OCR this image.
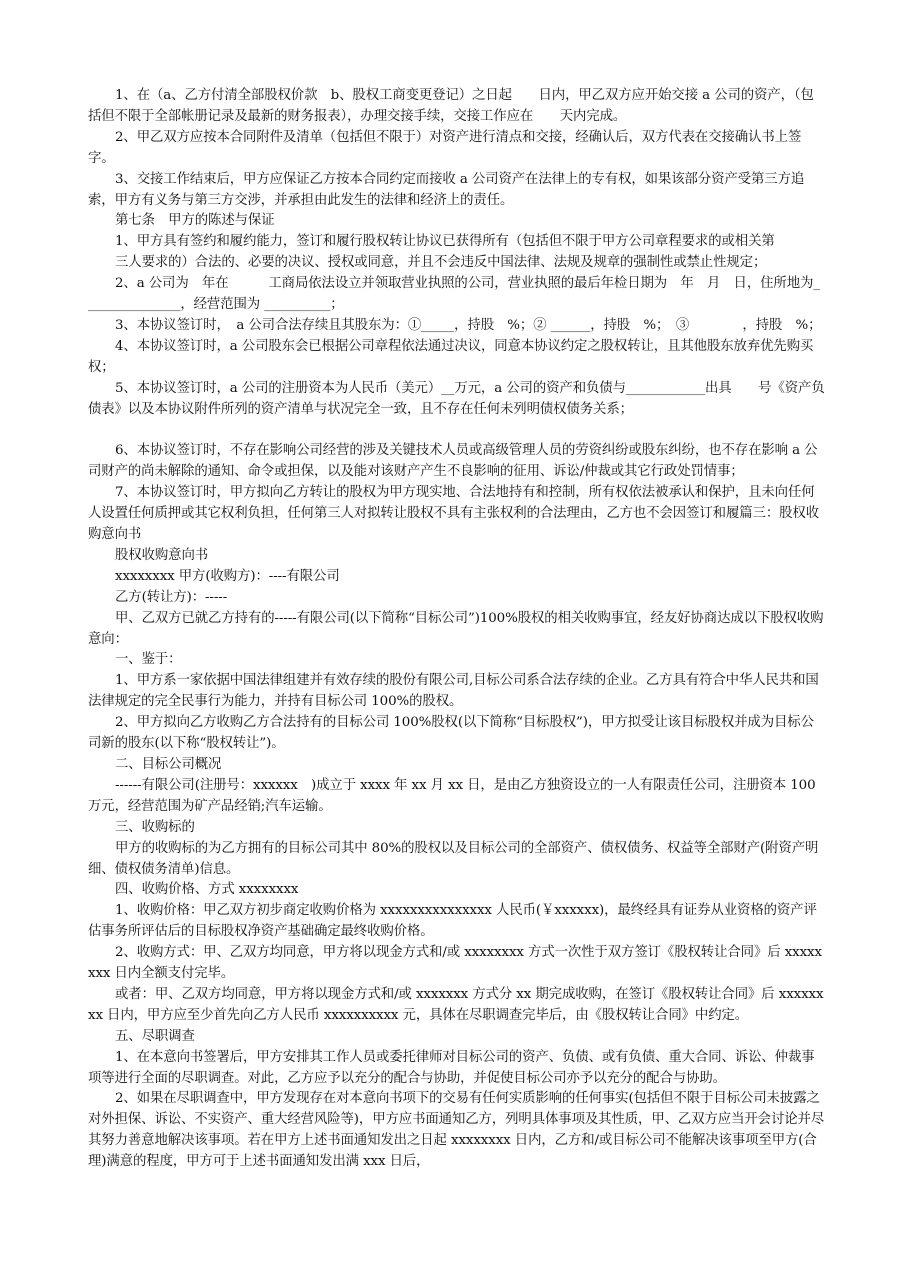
1、在（a、乙方付清全部股权价款　b、股权工商变更登记）之日起　　日内，甲乙双方应开始交接 a 公司的资产，（包括但不限于全部帐册记录及最新的财务报表），办理交接手续，交接工作应在　　天内完成。

2、甲乙双方应按本合同附件及清单（包括但不限于）对资产进行清点和交接，经确认后，双方代表在交接确认书上签字。

3、交接工作结束后，甲方应保证乙方按本合同约定而接收 a 公司资产在法律上的专有权，如果该部分资产受第三方追索，甲方有义务与第三方交涉，并承担由此发生的法律和经济上的责任。

第七条　甲方的陈述与保证

1、甲方具有签约和履约能力，签订和履行股权转让协议已获得所有（包括但不限于甲方公司章程要求的或相关第

三人要求的）合法的、必要的决议、授权或同意，并且不会违反中国法律、法规及规章的强制性或禁止性规定；

2、a 公司为　年在　　　工商局依法设立并领取营业执照的公司，营业执照的最后年检日期为　年　月　日，住所地为_______________，经营范围为 __________；

3、本协议签订时，　a 公司合法存续且其股东为：①_____，持股　%；② ______，持股　%；　③　　　　，持股　%；

4、本协议签订时，a 公司股东会已根据公司章程依法通过决议，同意本协议约定之股权转让，且其他股东放弃优先购买权；

5、本协议签订时，a 公司的注册资本为人民币（美元）__万元，a 公司的资产和负债与____________出具　　号《资产负债表》以及本协议附件所列的资产清单与状况完全一致，且不存在任何未列明债权债务关系；

6、本协议签订时，不存在影响公司经营的涉及关键技术人员或高级管理人员的劳资纠纷或股东纠纷，也不存在影响 a 公司财产的尚未解除的通知、命令或担保，以及能对该财产产生不良影响的征用、诉讼/仲裁或其它行政处罚情事；

7、本协议签订时，甲方拟向乙方转让的股权为甲方现实地、合法地持有和控制，所有权依法被承认和保护，且未向任何人设置任何质押或其它权利负担，任何第三人对拟转让股权不具有主张权利的合法理由，乙方也不会因签订和履篇三：股权收购意向书

股权收购意向书

xxxxxxxx 甲方(收购方)：----有限公司

乙方(转让方)：-----

甲、乙双方已就乙方持有的-----有限公司(以下简称“目标公司”)100%股权的相关收购事宜，经友好协商达成以下股权收购意向：

一、鉴于：

1、甲方系一家依据中国法律组建并有效存续的股份有限公司,目标公司系合法存续的企业。乙方具有符合中华人民共和国法律规定的完全民事行为能力，并持有目标公司 100%的股权。

2、甲方拟向乙方收购乙方合法持有的目标公司 100%股权(以下简称“目标股权”)，甲方拟受让该目标股权并成为目标公司新的股东(以下称“股权转让”)。

二、目标公司概况

------有限公司(注册号：xxxxxx　)成立于 xxxx 年 xx 月 xx 日，是由乙方独资设立的一人有限责任公司，注册资本 100 万元，经营范围为矿产品经销;汽车运输。

三、收购标的

甲方的收购标的为乙方拥有的目标公司其中 80%的股权以及目标公司的全部资产、债权债务、权益等全部财产(附资产明细、债权债务清单)信息。

四、收购价格、方式 xxxxxxxx

1、收购价格：甲乙双方初步商定收购价格为 xxxxxxxxxxxxxxx 人民币(￥xxxxxx)，最终经具有证券从业资格的资产评估事务所评估后的目标股权净资产基础确定最终收购价格。

2、收购方式：甲、乙双方均同意，甲方将以现金方式和/或 xxxxxxxx 方式一次性于双方签订《股权转让合同》后 xxxxxxxx 日内全额支付完毕。

或者：甲、乙双方均同意，甲方将以现金方式和/或 xxxxxxx 方式分 xx 期完成收购，在签订《股权转让合同》后 xxxxxxxx 日内，甲方应至少首先向乙方人民币 xxxxxxxxxx 元，具体在尽职调查完毕后，由《股权转让合同》中约定。

五、尽职调查

1、在本意向书签署后，甲方安排其工作人员或委托律师对目标公司的资产、负债、或有负债、重大合同、诉讼、仲裁事项等进行全面的尽职调查。对此，乙方应予以充分的配合与协助，并促使目标公司亦予以充分的配合与协助。

2、如果在尽职调查中，甲方发现存在对本意向书项下的交易有任何实质影响的任何事实(包括但不限于目标公司未披露之对外担保、诉讼、不实资产、重大经营风险等)，甲方应书面通知乙方，列明具体事项及其性质，甲、乙双方应当开会讨论并尽其努力善意地解决该事项。若在甲方上述书面通知发出之日起 xxxxxxxx 日内，乙方和/或目标公司不能解决该事项至甲方(合理)满意的程度，甲方可于上述书面通知发出满 xxx 日后，
